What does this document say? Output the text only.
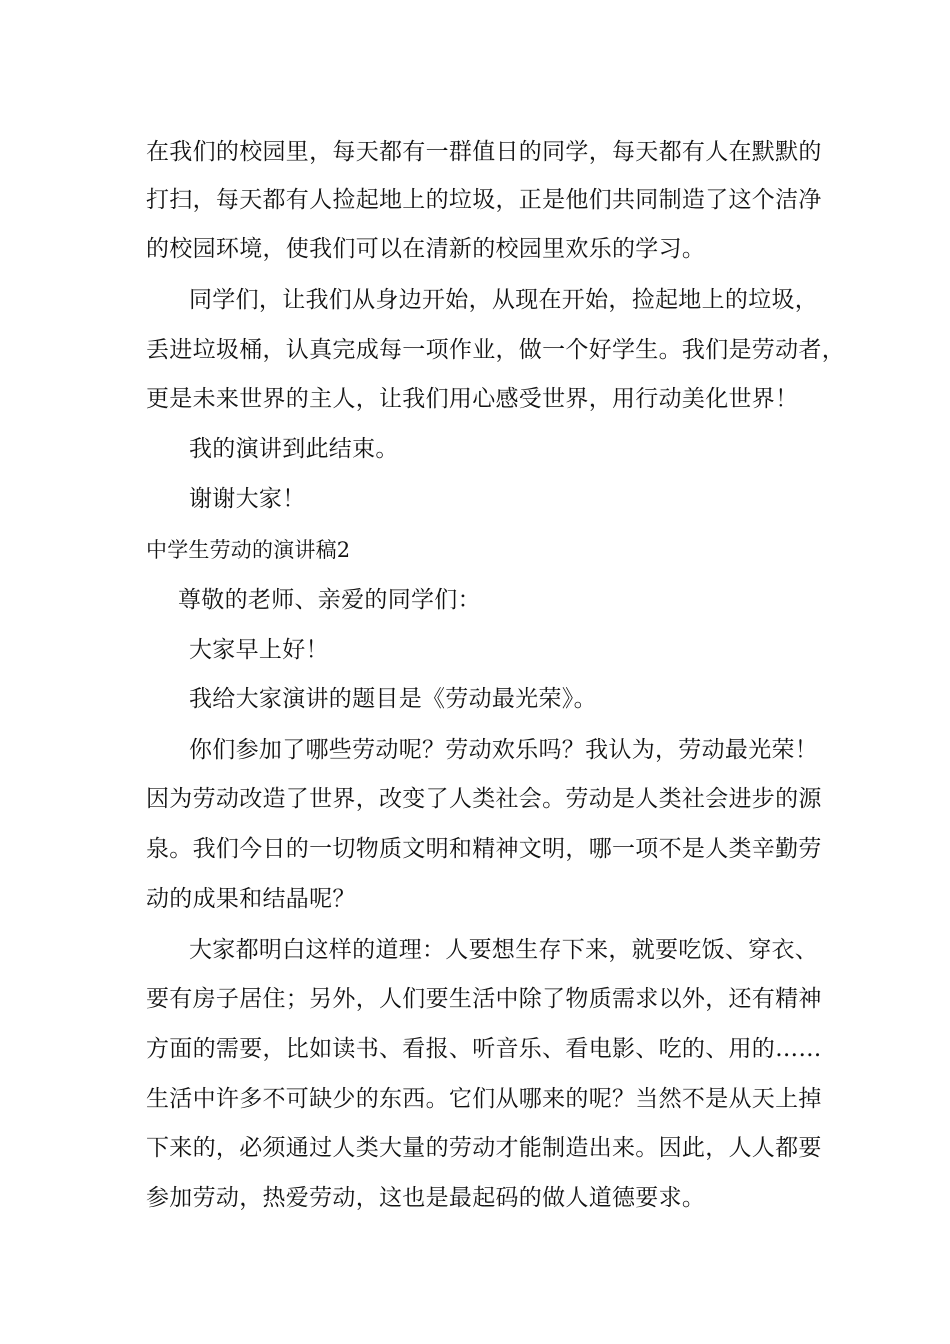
在我们的校园里，每天都有一群值日的同学，每天都有人在默默的
打扫，每天都有人捡起地上的垃圾，正是他们共同制造了这个洁净
的校园环境，使我们可以在清新的校园里欢乐的学习。
同学们，让我们从身边开始，从现在开始，捡起地上的垃圾，
丢进垃圾桶，认真完成每一项作业，做一个好学生。我们是劳动者，
更是未来世界的主人，让我们用心感受世界，用行动美化世界！
我的演讲到此结束。
谢谢大家！
中学生劳动的演讲稿2
尊敬的老师、亲爱的同学们：
大家早上好！
我给大家演讲的题目是《劳动最光荣》。
你们参加了哪些劳动呢？劳动欢乐吗？我认为，劳动最光荣！
因为劳动改造了世界，改变了人类社会。劳动是人类社会进步的源
泉。我们今日的一切物质文明和精神文明，哪一项不是人类辛勤劳
动的成果和结晶呢？
大家都明白这样的道理：人要想生存下来，就要吃饭、穿衣、
要有房子居住；另外，人们要生活中除了物质需求以外，还有精神
方面的需要，比如读书、看报、听音乐、看电影、吃的、用的……
生活中许多不可缺少的东西。它们从哪来的呢？当然不是从天上掉
下来的，必须通过人类大量的劳动才能制造出来。因此，人人都要
参加劳动，热爱劳动，这也是最起码的做人道德要求。
